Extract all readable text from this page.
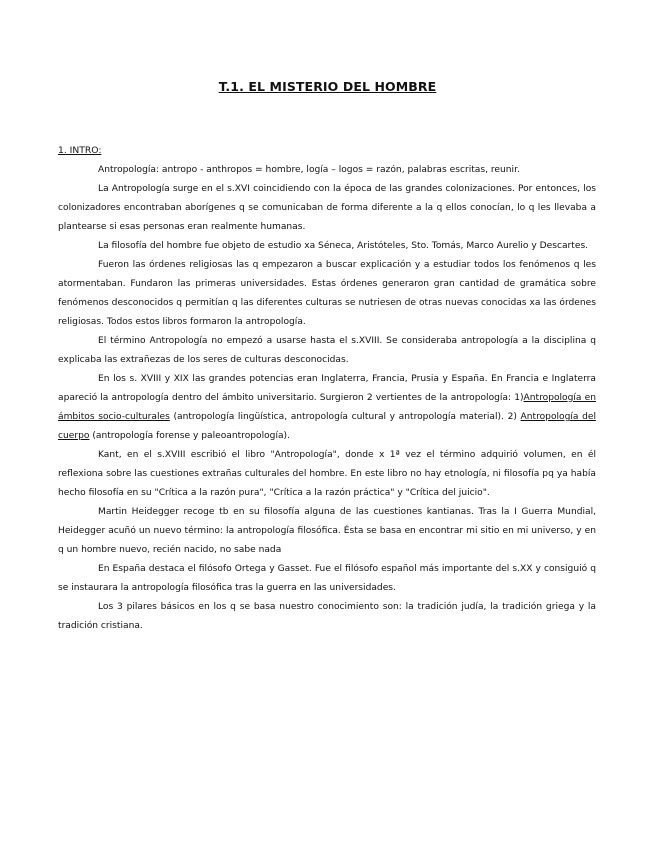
T.1. EL MISTERIO DEL HOMBRE
1. INTRO:

Antropología: antropo - anthropos = hombre, logía – logos = razón, palabras escritas, reunir.

La Antropología surge en el s.XVI coincidiendo con la época de las grandes colonizaciones. Por entonces, los colonizadores encontraban aborígenes q se comunicaban de forma diferente a la q ellos conocían, lo q les llevaba a plantearse si esas personas eran realmente humanas.

La filosofía del hombre fue objeto de estudio xa Séneca, Aristóteles, Sto. Tomás, Marco Aurelio y Descartes.

Fueron las órdenes religiosas las q empezaron a buscar explicación y a estudiar todos los fenómenos q les atormentaban. Fundaron las primeras universidades. Estas órdenes generaron gran cantidad de gramática sobre fenómenos desconocidos q permitían q las diferentes culturas se nutriesen de otras nuevas conocidas xa las órdenes religiosas. Todos estos libros formaron la antropología.

El término Antropología no empezó a usarse hasta el s.XVIII. Se consideraba antropología a la disciplina q explicaba las extrañezas de los seres de culturas desconocidas.

En los s. XVIII y XIX las grandes potencias eran Inglaterra, Francia, Prusia y España. En Francia e Inglaterra apareció la antropología dentro del ámbito universitario. Surgieron 2 vertientes de la antropología: 1)Antropología en ámbitos socio-culturales (antropología lingüística, antropología cultural y antropología material). 2) Antropología del cuerpo (antropología forense y paleoantropología).

Kant, en el s.XVIII escribió el libro "Antropología", donde x 1ª vez el término adquirió volumen, en él reflexiona sobre las cuestiones extrañas culturales del hombre. En este libro no hay etnología, ni filosofía pq ya había hecho filosofía en su "Crítica a la razón pura", "Crítica a la razón práctica" y "Crítica del juicio".

Martin Heidegger recoge tb en su filosofía alguna de las cuestiones kantianas. Tras la I Guerra Mundial, Heidegger acuñó un nuevo término: la antropología filosófica. Ésta se basa en encontrar mi sitio en mi universo, y en q un hombre nuevo, recién nacido, no sabe nada

En España destaca el filósofo Ortega y Gasset. Fue el filósofo español más importante del s.XX y consiguió q se instaurara la antropología filosófica tras la guerra en las universidades.

Los 3 pilares básicos en los q se basa nuestro conocimiento son: la tradición judía, la tradición griega y la tradición cristiana.
